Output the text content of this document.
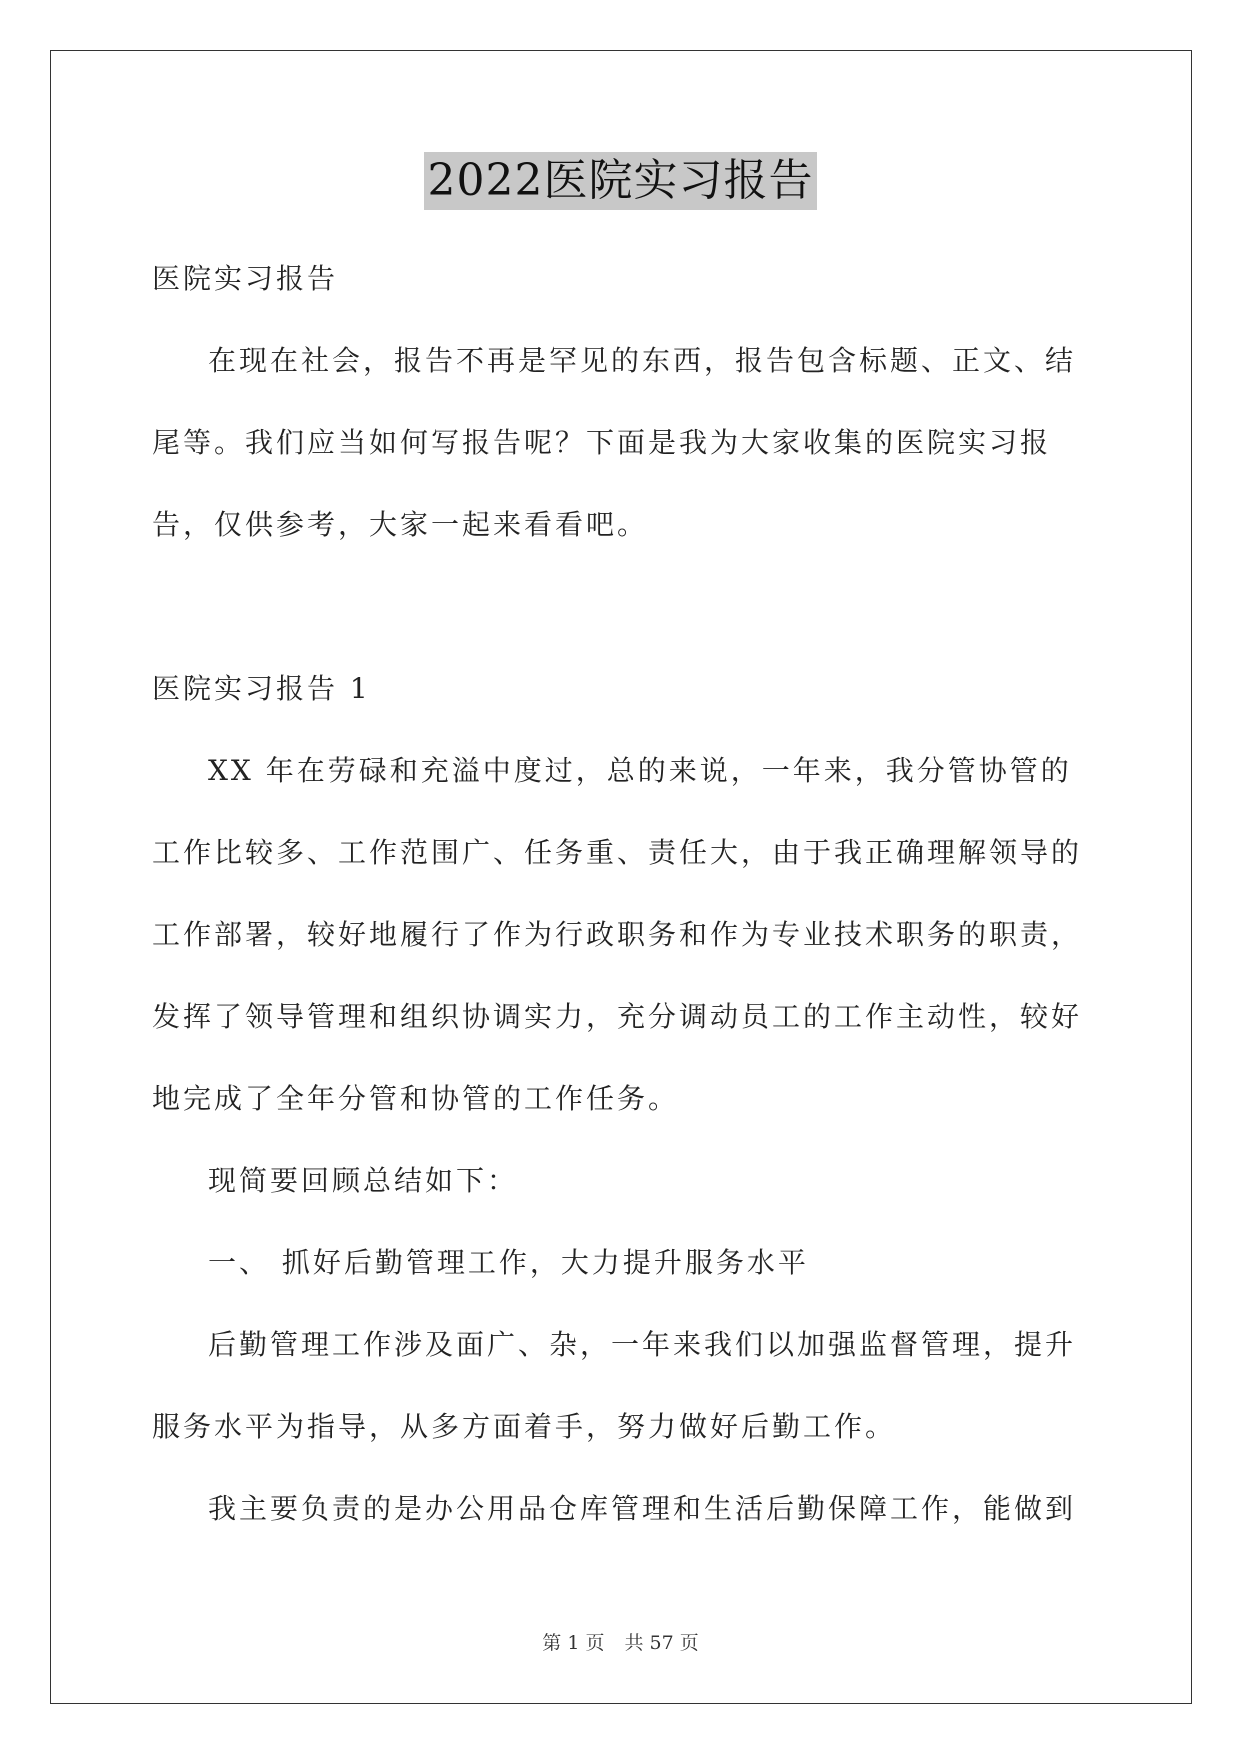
2022医院实习报告

医院实习报告

在现在社会，报告不再是罕见的东西，报告包含标题、正文、结尾等。我们应当如何写报告呢？下面是我为大家收集的医院实习报告，仅供参考，大家一起来看看吧。

医院实习报告 1

XX 年在劳碌和充溢中度过，总的来说，一年来，我分管协管的工作比较多、工作范围广、任务重、责任大，由于我正确理解领导的工作部署，较好地履行了作为行政职务和作为专业技术职务的职责，发挥了领导管理和组织协调实力，充分调动员工的工作主动性，较好地完成了全年分管和协管的工作任务。

现简要回顾总结如下：

一、 抓好后勤管理工作，大力提升服务水平

后勤管理工作涉及面广、杂，一年来我们以加强监督管理，提升服务水平为指导，从多方面着手，努力做好后勤工作。

我主要负责的是办公用品仓库管理和生活后勤保障工作，能做到

第 1 页 共 57 页
